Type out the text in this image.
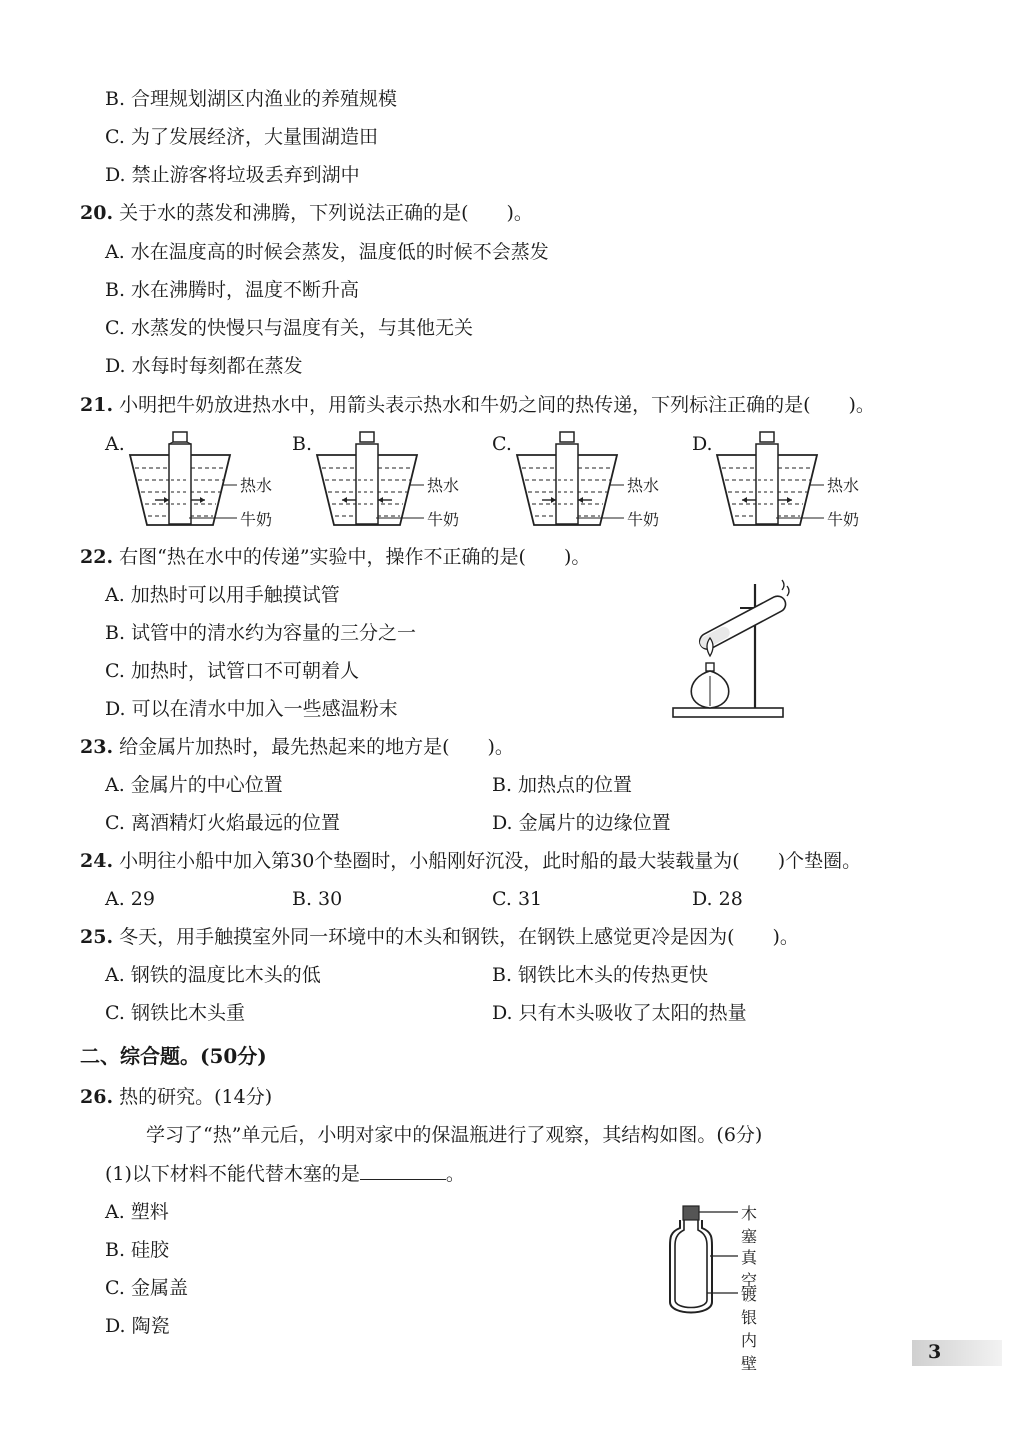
B. 合理规划湖区内渔业的养殖规模
C. 为了发展经济，大量围湖造田
D. 禁止游客将垃圾丢弃到湖中
20. 关于水的蒸发和沸腾，下列说法正确的是(　　)。
A. 水在温度高的时候会蒸发，温度低的时候不会蒸发
B. 水在沸腾时，温度不断升高
C. 水蒸发的快慢只与温度有关，与其他无关
D. 水每时每刻都在蒸发
21. 小明把牛奶放进热水中，用箭头表示热水和牛奶之间的热传递，下列标注正确的是(　　)。
A.
热水
牛奶
B.
热水
牛奶
C.
热水
牛奶
D.
热水
牛奶
22. 右图“热在水中的传递”实验中，操作不正确的是(　　)。
A. 加热时可以用手触摸试管
B. 试管中的清水约为容量的三分之一
C. 加热时，试管口不可朝着人
D. 可以在清水中加入一些感温粉末
23. 给金属片加热时，最先热起来的地方是(　　)。
A. 金属片的中心位置	B. 加热点的位置
C. 离酒精灯火焰最远的位置	D. 金属片的边缘位置
24. 小明往小船中加入第30个垫圈时，小船刚好沉没，此时船的最大装载量为(　　)个垫圈。
A. 29	B. 30	C. 31	D. 28
25. 冬天，用手触摸室外同一环境中的木头和钢铁，在钢铁上感觉更冷是因为(　　)。
A. 钢铁的温度比木头的低	B. 钢铁比木头的传热更快
C. 钢铁比木头重	D. 只有木头吸收了太阳的热量
二、综合题。(50分)
26. 热的研究。(14分)
学习了“热”单元后，小明对家中的保温瓶进行了观察，其结构如图。(6分)
(1)以下材料不能代替木塞的是	。
A. 塑料
B. 硅胶
C. 金属盖
D. 陶瓷
木塞
真空
镀银内壁
3
